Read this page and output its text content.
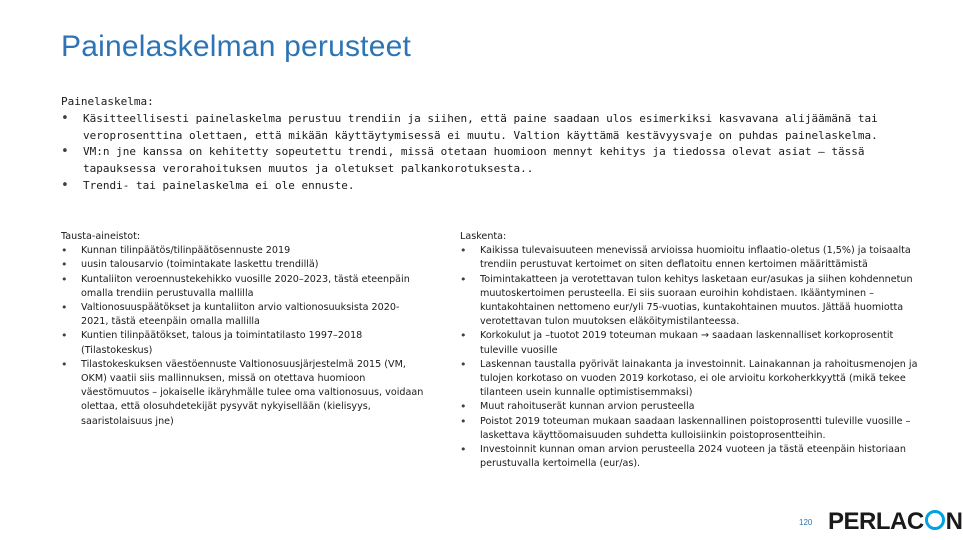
Painelaskelman perusteet

Painelaskelma:

• Käsitteellisesti painelaskelma perustuu trendiin ja siihen, että paine saadaan ulos esimerkiksi kasvavana alijäämänä tai veroprosenttina olettaen, että mikään käyttäytymisessä ei muutu. Valtion käyttämä kestävyysvaje on puhdas painelaskelma.
• VM:n jne kanssa on kehitetty sopeutettu trendi, missä otetaan huomioon mennyt kehitys ja tiedossa olevat asiat – tässä tapauksessa verorahoituksen muutos ja oletukset palkankorotuksesta..
• Trendi- tai painelaskelma ei ole ennuste.
Tausta-aineistot:
• Kunnan tilinpäätös/tilinpäätösennuste 2019
• uusin talousarvio (toimintakate laskettu trendillä)
• Kuntaliiton veroennustekehikko vuosille 2020–2023, tästä eteenpäin omalla trendiin perustuvalla mallilla
• Valtionosuuspäätökset ja kuntaliiton arvio valtionosuuksista 2020-2021, tästä eteenpäin omalla mallilla
• Kuntien tilinpäätökset, talous ja toimintatilasto 1997–2018 (Tilastokeskus)
• Tilastokeskuksen väestöennuste Valtionosuusjärjestelmä 2015 (VM, OKM) vaatii siis mallinnuksen, missä on otettava huomioon väestömuutos – jokaiselle ikäryhmälle tulee oma valtionosuus, voidaan olettaa, että olosuhdetekijät pysyvät nykyisellään (kielisyys, saaristolaisuus jne)
Laskenta:
• Kaikissa tulevaisuuteen menevissä arvioissa huomioitu inflaatio-oletus (1,5%) ja toisaalta trendiin perustuvat kertoimet on siten deflatoitu ennen kertoimen määrittämistä
• Toimintakatteen ja verotettavan tulon kehitys lasketaan eur/asukas ja siihen kohdennetun muutoskertoimen perusteella. Ei siis suoraan euroihin kohdistaen. Ikääntyminen – kuntakohtainen nettomeno eur/yli 75-vuotias, kuntakohtainen muutos. Jättää huomiotta verotettavan tulon muutoksen eläköitymistilanteessa.
• Korkokulut ja –tuotot 2019 toteuman mukaan → saadaan laskennalliset korkoprosentit tuleville vuosille
• Laskennan taustalla pyörivät lainakanta ja investoinnit. Lainakannan ja rahoitusmenojen ja tulojen korkotaso on vuoden 2019 korkotaso, ei ole arvioitu korkoherkkyyttä (mikä tekee tilanteen usein kunnalle optimistisemmaksi)
• Muut rahoituserät kunnan arvion perusteella
• Poistot 2019 toteuman mukaan saadaan laskennallinen poistoprosentti tuleville vuosille – laskettava käyttöomaisuuden suhdetta kulloisiinkin poistoprosentteihin.
• Investoinnit kunnan oman arvion perusteella 2024 vuoteen ja tästä eteenpäin historiaan perustuvalla kertoimella (eur/as).
120 PERLAC N
